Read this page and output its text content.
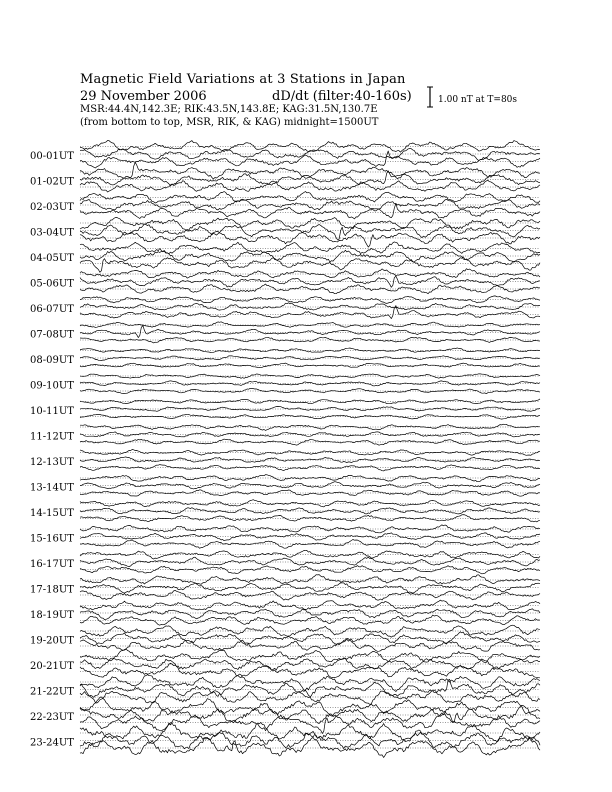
Magnetic Field Variations at 3 Stations in Japan
29 November 2006	dD/dt (filter:40-160s)
MSR:44.4N,142.3E; RIK:43.5N,143.8E; KAG:31.5N,130.7E
(from bottom to top, MSR, RIK, & KAG) midnight=1500UT
1.00 nT at T=80s
00-01UT
01-02UT
02-03UT
03-04UT
04-05UT
05-06UT
06-07UT
07-08UT
08-09UT
09-10UT
10-11UT
11-12UT
12-13UT
13-14UT
14-15UT
15-16UT
16-17UT
17-18UT
18-19UT
19-20UT
20-21UT
21-22UT
22-23UT
23-24UT
